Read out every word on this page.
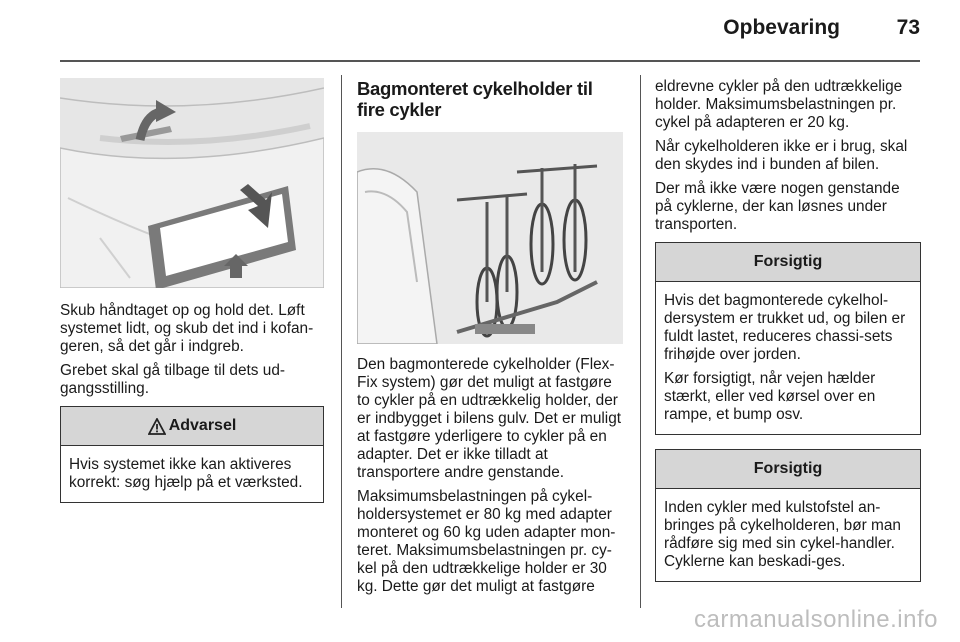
Opbevaring	73

Skub håndtaget op og hold det. Løft systemet lidt, og skub det ind i kofan-geren, så det går i indgreb.

Grebet skal gå tilbage til dets ud-gangsstilling.

Advarsel

Hvis systemet ikke kan aktiveres korrekt: søg hjælp på et værksted.

Bagmonteret cykelholder til fire cykler

Den bagmonterede cykelholder (Flex-Fix system) gør det muligt at fastgøre to cykler på en udtrækkelig holder, der er indbygget i bilens gulv. Det er muligt at fastgøre yderligere to cykler på en adapter. Det er ikke tilladt at transportere andre genstande.

Maksimumsbelastningen på cykel-holdersystemet er 80 kg med adapter monteret og 60 kg uden adapter mon-teret. Maksimumsbelastningen pr. cy-kel på den udtrækkelige holder er 30 kg. Dette gør det muligt at fastgøre

eldrevne cykler på den udtrækkelige holder. Maksimumsbelastningen pr. cykel på adapteren er 20 kg.

Når cykelholderen ikke er i brug, skal den skydes ind i bunden af bilen.

Der må ikke være nogen genstande på cyklerne, der kan løsnes under transporten.

Forsigtig

Hvis det bagmonterede cykelhol-dersystem er trukket ud, og bilen er fuldt lastet, reduceres chassi-sets frihøjde over jorden.

Kør forsigtigt, når vejen hælder stærkt, eller ved kørsel over en rampe, et bump osv.

Forsigtig

Inden cykler med kulstofstel an-bringes på cykelholderen, bør man rådføre sig med sin cykel-handler. Cyklerne kan beskadi-ges.

carmanualsonline.info
